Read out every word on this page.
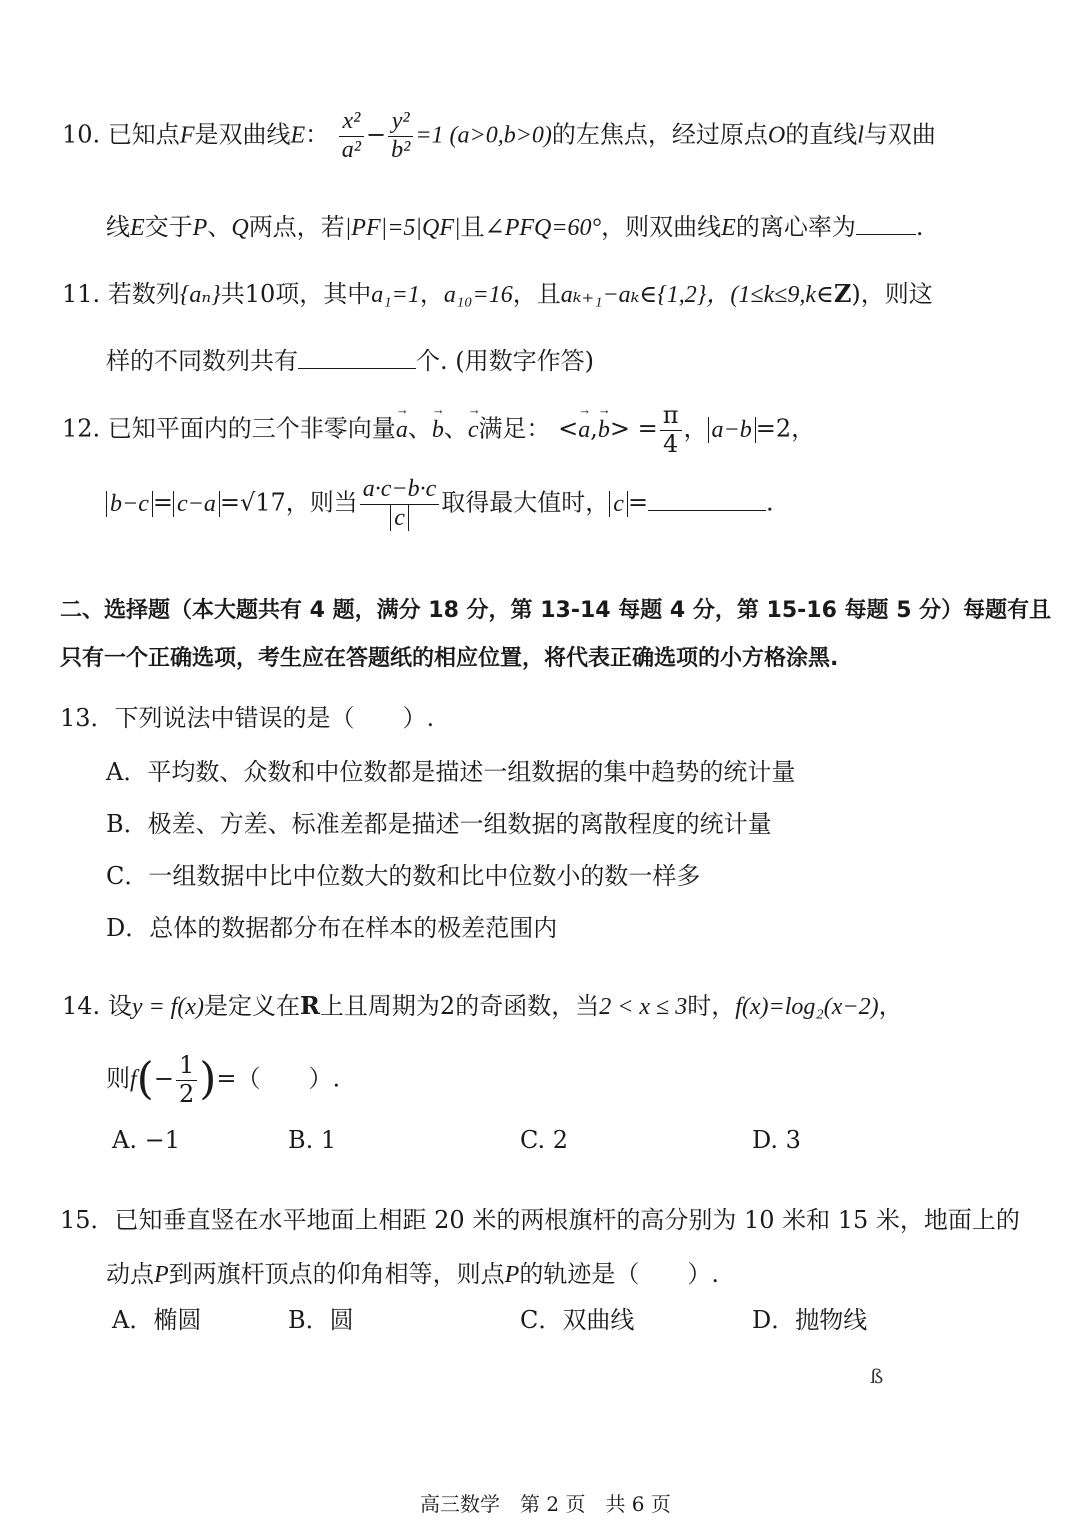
10. 已知点F是双曲线E： $\frac{\text{x²}}{\text{a²}} - \frac{\text{y²}}{\text{b²}} =1$ (a>0,b>0)的左焦点，经过原点O的直线l与双曲
线E交于P、Q两点，若|PF|=5|QF|且∠PFQ=60°，则双曲线E的离心率为	.
11. 若数列{aₙ}共10项，其中a₁=1，a₁₀=16，且aₖ₊₁−aₖ∈{1,2}，(1≤k≤9,k∈Z)，则这
样的不同数列共有	个. (用数字作答)
12. 已知平面内的三个非零向量→ a、→ b、→ c满足： <→ $a,\to b> = \frac{\pi}{4}$ ， a−b =2，
b−c = c−a =√17，则当 $\frac{a\cdot c-b\cdot c}{c}$ 取得最大值时， c =	.
二、选择题（本大题共有 4 题，满分 18 分，第 13-14 每题 4 分，第 15-16 每题 5 分）每题有且
只有一个正确选项，考生应在答题纸的相应位置，将代表正确选项的小方格涂黑.
13．下列说法中错误的是（　　）.
A．平均数、众数和中位数都是描述一组数据的集中趋势的统计量
B．极差、方差、标准差都是描述一组数据的离散程度的统计量
C．一组数据中比中位数大的数和比中位数小的数一样多
D．总体的数据都分布在样本的极差范围内
14. 设y = f(x)是定义在R上且周期为2的奇函数，当2 < x ≤ 3时，f(x)=log₂(x−2)，
则$f(- \frac{1}{2}$ )=（　　）.
A. −1	B. 1	C. 2	D. 3
15．已知垂直竖在水平地面上相距 20 米的两根旗杆的高分别为 10 米和 15 米，地面上的
动点P到两旗杆顶点的仰角相等，则点P的轨迹是（　　）.
A．椭圆	B．圆	C．双曲线	D．抛物线
ß
高三数学　第 2 页　共 6 页
